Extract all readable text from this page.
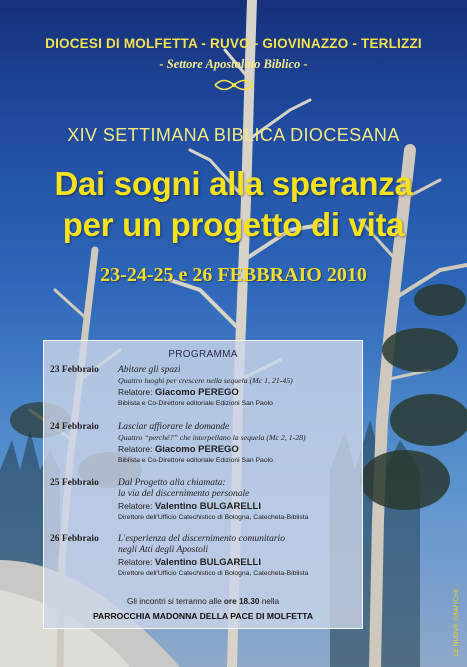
DIOCESI DI MOLFETTA - RUVO - GIOVINAZZO - TERLIZZI
- Settore Apostolato Biblico -
XIV SETTIMANA BIBLICA DIOCESANA
Dai sogni alla speranza
per un progetto di vita
23-24-25 e 26 FEBBRAIO 2010
PROGRAMMA
23 Febbraio Abitare gli spazi
Quattro luoghi per crescere nella sequela (Mc 1, 21-45)
Relatore: Giacomo PEREGO
Biblista e Co-Direttore editoriale Edizioni San Paolo
24 Febbraio Lasciar affiorare le domande
Quattro “perché?” che interpellano la sequela (Mc 2, 1-28)
Relatore: Giacomo PEREGO
Biblista e Co-Direttore editoriale Edizioni San Paolo
25 Febbraio Dal Progetto alla chiamata:
la via del discernimento personale
Relatore: Valentino BULGARELLI
Direttore dell'Ufficio Catechistico di Bologna, Catecheta-Biblista
26 Febbraio L'esperienza del discernimento comunitario
negli Atti degli Apostoli
Relatore: Valentino BULGARELLI
Direttore dell'Ufficio Catechistico di Bologna, Catecheta-Biblista
Gli incontri si terranno alle ore 18.30 nella
PARROCCHIA MADONNA DELLA PACE DI MOLFETTA	LE NUOVE GRAFICHE
